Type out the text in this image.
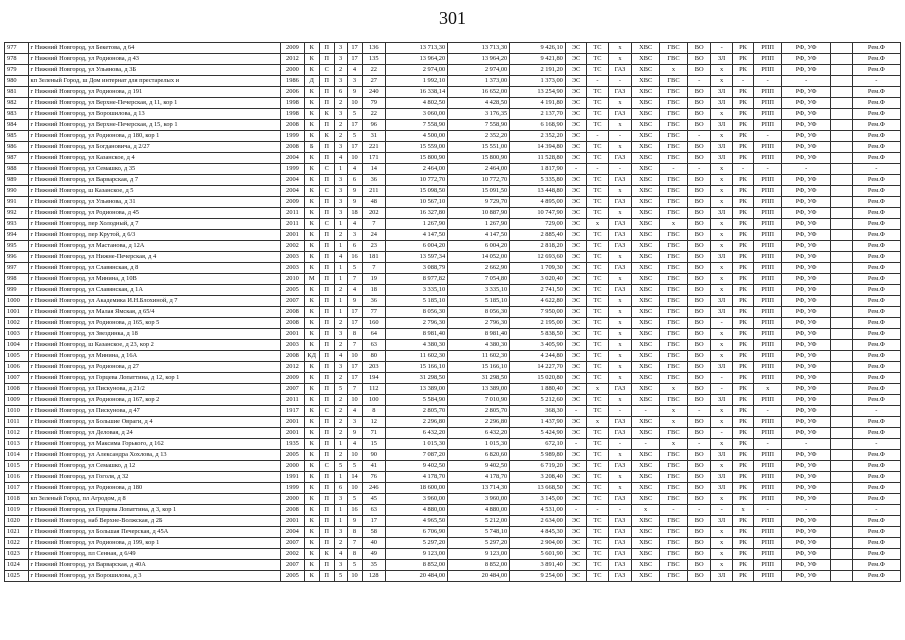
301
977	г Нижний Новгород, ул Бекетова, д 64	2009	К	П	3	17	136	13 713,30	13 713,30	9 426,10	ЭС	ТС	х	ХВС	ГВС	ВО	-	РК	РПП	РФ, УФ		Рем.Ф
978	г Нижний Новгород, ул Родионова, д 43	2012	К	П	3	17	135	13 964,20	13 964,20	9 421,80	ЭС	ТС	х	ХВС	ГВС	ВО	ЗЛ	РК	РПП	РФ, УФ		Рем.Ф
979	г Нижний Новгород, ул Ульянова, д 3Б	2000	К	С	2	4	22	2 974,00	2 974,00	2 191,20	ЭС	ТС	ГАЗ	ХВС	х	ВО	х	РК	РПП	РФ, УФ		Рем.Ф
980	кп Зеленый Город, ш Дом интернат для престарелых и	1986	Д	П	3	3	27	1 992,10	1 373,00	1 373,00	ЭС	-	-	ХВС	ГВС	-	х	-	-	-		-
981	г Нижний Новгород, ул Родионова, д 191	2006	К	П	6	9	240	16 338,14	16 652,00	13 254,90	ЭС	ТС	ГАЗ	ХВС	ГВС	ВО	ЗЛ	РК	РПП	РФ, УФ		Рем.Ф
982	г Нижний Новгород, ул Верхне-Печерская, д 11, кор 1	1998	К	П	2	10	79	4 802,50	4 428,50	4 191,80	ЭС	ТС	х	ХВС	ГВС	ВО	ЗЛ	РК	РПП	РФ, УФ		Рем.Ф
983	г Нижний Новгород, ул Ворошилова, д 13	1998	К	К	3	5	22	3 060,00	3 176,35	2 137,70	ЭС	ТС	ГАЗ	ХВС	ГВС	ВО	х	РК	РПП	РФ, УФ		Рем.Ф
984	г Нижний Новгород, ул Верхне-Печерская, д 15, кор 1	2008	К	П	2	17	96	7 558,90	7 558,90	6 168,90	ЭС	ТС	х	ХВС	ГВС	ВО	ЗЛ	РК	РПП	РФ, УФ		Рем.Ф
985	г Нижний Новгород, ул Родионова, д 180, кор 1	1999	К	К	2	5	31	4 500,00	2 352,20	2 352,20	ЭС	-	-	ХВС	ГВС	-	х	РК	-	РФ, УФ		Рем.Ф
986	г Нижний Новгород, ул Богдановича, д 2/27	2008	Б	П	3	17	221	15 559,00	15 551,00	14 394,80	ЭС	ТС	х	ХВС	ГВС	ВО	ЗЛ	РК	РПП	РФ, УФ		Рем.Ф
987	г Нижний Новгород, ул Казанское, д 4	2004	К	П	4	10	171	15 800,90	15 800,90	11 528,80	ЭС	ТС	ГАЗ	ХВС	ГВС	ВО	ЗЛ	РК	РПП	РФ, УФ		Рем.Ф
988	г Нижний Новгород, ул Семашко, д 35	1999	К	С	1	4	14	2 464,00	2 464,00	1 817,90	-	-	-	ХВС	-	-	х	-	-	-		-
989	г Нижний Новгород, ул Варварская, д 7	2004	К	П	3	6	36	10 772,70	10 772,70	5 335,80	ЭС	ТС	ГАЗ	ХВС	ГВС	ВО	х	РК	РПП	РФ, УФ		Рем.Ф
990	г Нижний Новгород, ш Казанское, д 5	2004	К	С	3	9	211	15 098,50	15 091,50	13 448,80	ЭС	ТС	х	ХВС	ГВС	ВО	х	РК	РПП	РФ, УФ		Рем.Ф
991	г Нижний Новгород, ул Ульянова, д 31	2009	К	П	3	9	48	10 567,10	9 729,70	4 895,00	ЭС	ТС	ГАЗ	ХВС	ГВС	ВО	х	РК	РПП	РФ, УФ		Рем.Ф
992	г Нижний Новгород, ул Родионова, д 45	2011	К	П	3	18	202	16 327,80	10 887,90	10 747,90	ЭС	ТС	х	ХВС	ГВС	ВО	ЗЛ	РК	РПП	РФ, УФ		Рем.Ф
993	г Нижний Новгород, пер Холодный, д 7	2011	К	С	1	4	7	1 267,90	1 267,90	729,00	ЭС	х	ГАЗ	ХВС	х	ВО	х	РК	РПП	РФ, УФ		Рем.Ф
994	г Нижний Новгород, пер Крутой, д 6/3	2001	К	П	2	3	24	4 147,50	4 147,50	2 885,40	ЭС	ТС	ГАЗ	ХВС	ГВС	ВО	х	РК	РПП	РФ, УФ		Рем.Ф
995	г Нижний Новгород, ул Мастанова, д 12А	2002	К	П	1	6	23	6 004,20	6 004,20	2 818,20	ЭС	ТС	ГАЗ	ХВС	ГВС	ВО	х	РК	РПП	РФ, УФ		Рем.Ф
996	г Нижний Новгород, ул Нижне-Печерская, д 4	2003	К	П	4	16	181	13 597,34	14 052,00	12 693,60	ЭС	ТС	х	ХВС	ГВС	ВО	ЗЛ	РК	РПП	РФ, УФ		Рем.Ф
997	г Нижний Новгород, ул Славянская, д 8	2003	К	П	1	5	7	3 088,79	2 662,90	1 709,30	ЭС	ТС	ГАЗ	ХВС	ГВС	ВО	х	РК	РПП	РФ, УФ		Рем.Ф
998	г Нижний Новгород, ул Минина, д 10В	2010	М	П	1	7	19	8 977,82	7 054,80	3 020,40	ЭС	ТС	х	ХВС	ГВС	ВО	х	РК	РПП	РФ, УФ		Рем.Ф
999	г Нижний Новгород, ул Славянская, д 1А	2005	К	П	2	4	18	3 335,10	3 335,10	2 741,50	ЭС	ТС	ГАЗ	ХВС	ГВС	ВО	х	РК	РПП	РФ, УФ		Рем.Ф
1000	г Нижний Новгород, ул Академика И.Н.Блохиной, д 7	2007	К	П	1	9	36	5 185,10	5 185,10	4 622,80	ЭС	ТС	х	ХВС	ГВС	ВО	ЗЛ	РК	РПП	РФ, УФ		Рем.Ф
1001	г Нижний Новгород, ул Малая Ямская, д 65/4	2008	К	П	1	17	77	8 056,30	8 056,30	7 950,00	ЭС	ТС	х	ХВС	ГВС	ВО	ЗЛ	РК	РПП	РФ, УФ		Рем.Ф
1002	г Нижний Новгород, ул Родионова, д 165, кор 5	2008	К	П	2	17	160	2 796,30	2 796,30	2 195,00	ЭС	ТС	х	ХВС	ГВС	ВО	-	РК	РПП	РФ, УФ		Рем.Ф
1003	г Нижний Новгород, ул Звездинка, д 18	2001	К	П	3	8	64	8 981,40	8 981,40	5 838,50	ЭС	ТС	х	ХВС	ГВС	ВО	х	РК	РПП	РФ, УФ		Рем.Ф
1004	г Нижний Новгород, ш Казанское, д 23, кор 2	2003	К	П	2	7	63	4 380,30	4 380,30	3 405,90	ЭС	ТС	х	ХВС	ГВС	ВО	х	РК	РПП	РФ, УФ		Рем.Ф
1005	г Нижний Новгород, ул Минина, д 16А	2008	КД	П	4	10	80	11 602,30	11 602,30	4 244,80	ЭС	ТС	х	ХВС	ГВС	ВО	х	РК	РПП	РФ, УФ		Рем.Ф
1006	г Нижний Новгород, ул Родионова, д 27	2012	К	П	3	17	203	15 166,10	15 166,10	14 227,70	ЭС	ТС	х	ХВС	ГВС	ВО	ЗЛ	РК	РПП	РФ, УФ		Рем.Ф
1007	г Нижний Новгород, ул Горцева Лопаттина, д 12, кор 1	2009	К	П	2	17	194	31 298,50	31 298,50	15 020,80	ЭС	ТС	х	ХВС	ГВС	ВО	-	РК	РПП	РФ, УФ		Рем.Ф
1008	г Нижний Новгород, ул Пискунова, д 21/2	2007	К	П	5	7	112	13 389,00	13 389,00	1 880,40	ЭС	х	ГАЗ	ХВС	х	ВО	-	РК	х	РФ, УФ		Рем.Ф
1009	г Нижний Новгород, ул Родионова, д 167, кор 2	2011	К	П	2	10	100	5 584,90	7 010,90	5 212,60	ЭС	ТС	х	ХВС	ГВС	ВО	ЗЛ	РК	РПП	РФ, УФ		Рем.Ф
1010	г Нижний Новгород, ул Пискунова, д 47	1917	К	С	2	4	8	2 805,70	2 805,70	368,30	-	ТС	-	-	х	-	х	РК	-	РФ, УФ		-
1011	г Нижний Новгород, ул Большие Овраги, д 4	2001	К	П	2	3	12	2 296,80	2 296,80	1 437,90	ЭС	х	ГАЗ	ХВС	х	ВО	х	РК	РПП	РФ, УФ		Рем.Ф
1012	г Нижний Новгород, ул Деловая, д 24	2001	К	П	2	9	71	6 432,20	6 432,20	5 424,90	ЭС	ТС	ГАЗ	ХВС	ГВС	ВО	-	РК	РПП	РФ, УФ		Рем.Ф
1013	г Нижний Новгород, ул Максима Горького, д 162	1935	К	П	1	4	15	1 015,30	1 015,30	672,10	-	ТС	-	-	х	-	х	РК	-	-		-
1014	г Нижний Новгород, ул Александра Хохлова, д 13	2005	К	П	2	10	90	7 087,20	6 820,60	5 989,80	ЭС	ТС	х	ХВС	ГВС	ВО	ЗЛ	РК	РПП	РФ, УФ		Рем.Ф
1015	г Нижний Новгород, ул Семашко, д 12	2000	К	С	5	5	41	9 402,50	9 402,50	6 719,20	ЭС	ТС	ГАЗ	ХВС	ГВС	ВО	х	РК	РПП	РФ, УФ		Рем.Ф
1016	г Нижний Новгород, ул Гоголя, д 32	1991	К	П	1	14	76	4 178,70	4 178,70	3 208,40	ЭС	ТС	х	ХВС	ГВС	ВО	ЗЛ	РК	РПП	РФ, УФ		Рем.Ф
1017	г Нижний Новгород, ул Родионова, д 180	1999	К	П	6	10	246	18 600,00	13 714,30	13 668,50	ЭС	ТС	х	ХВС	ГВС	ВО	ЗЛ	РК	РПП	РФ, УФ		Рем.Ф
1018	кп Зеленый Город, пл Агродом, д 8	2000	К	П	3	5	45	3 960,00	3 960,00	3 145,00	ЭС	ТС	ГАЗ	ХВС	ГВС	ВО	х	РК	РПП	РФ, УФ		Рем.Ф
1019	г Нижний Новгород, ул Горцева Лопаттина, д 3, кор 1	2008	К	П	1	16	63	4 880,00	4 880,00	4 531,00	-	-	-	х	-	-	-	х	-	-		-
1020	г Нижний Новгород, наб Верхне-Волжская, д 2Б	2001	К	П	1	9	17	4 965,50	5 212,00	2 634,00	ЭС	ТС	ГАЗ	ХВС	ГВС	ВО	ЗЛ	РК	РПП	РФ, УФ		Рем.Ф
1021	г Нижний Новгород, ул Большая Печерская, д 45А	2004	К	П	3	8	58	6 706,90	5 748,10	4 845,30	ЭС	ТС	ГАЗ	ХВС	ГВС	ВО	х	РК	РПП	РФ, УФ		Рем.Ф
1022	г Нижний Новгород, ул Родионова, д 199, кор 1	2007	К	П	2	7	40	5 297,20	5 297,20	2 904,00	ЭС	ТС	ГАЗ	ХВС	ГВС	ВО	х	РК	РПП	РФ, УФ		Рем.Ф
1023	г Нижний Новгород, пл Сенная, д 6/49	2002	К	К	4	8	49	9 123,00	9 123,00	5 601,90	ЭС	ТС	ГАЗ	ХВС	ГВС	ВО	х	РК	РПП	РФ, УФ		Рем.Ф
1024	г Нижний Новгород, ул Варварская, д 40А	2007	К	П	3	5	35	8 852,00	8 852,00	3 891,40	ЭС	ТС	ГАЗ	ХВС	ГВС	ВО	х	РК	РПП	РФ, УФ		Рем.Ф
1025	г Нижний Новгород, ул Ворошилова, д 3	2005	К	П	5	10	128	20 484,00	20 484,00	9 254,00	ЭС	ТС	ГАЗ	ХВС	ГВС	ВО	ЗЛ	РК	РПП	РФ, УФ		Рем.Ф
